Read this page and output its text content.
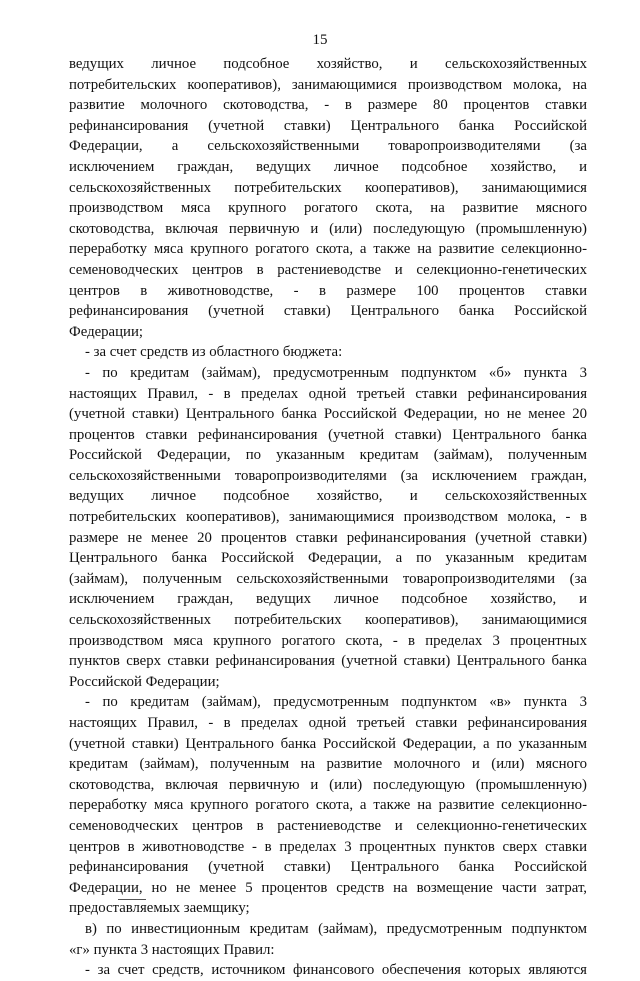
15
ведущих личное подсобное хозяйство, и сельскохозяйственных
потребительских кооперативов), занимающимися производством молока, на
развитие молочного скотоводства, - в размере 80 процентов ставки
рефинансирования (учетной ставки) Центрального банка Российской
Федерации, а сельскохозяйственными товаропроизводителями (за
исключением граждан, ведущих личное подсобное хозяйство, и
сельскохозяйственных потребительских кооперативов), занимающимися
производством мяса крупного рогатого скота, на развитие мясного
скотоводства, включая первичную и (или) последующую (промышленную)
переработку мяса крупного рогатого скота, а также на развитие селекционно-
семеноводческих центров в растениеводстве и селекционно-генетических
центров в животноводстве, - в размере 100 процентов ставки
рефинансирования (учетной ставки) Центрального банка Российской
Федерации;
- за счет средств из областного бюджета:
- по кредитам (займам), предусмотренным подпунктом «б» пункта 3
настоящих Правил, - в пределах одной третьей ставки рефинансирования
(учетной ставки) Центрального банка Российской Федерации, но не менее 20
процентов ставки рефинансирования (учетной ставки) Центрального банка
Российской Федерации, по указанным кредитам (займам), полученным
сельскохозяйственными товаропроизводителями (за исключением граждан,
ведущих личное подсобное хозяйство, и сельскохозяйственных
потребительских кооперативов), занимающимися производством молока, - в
размере не менее 20 процентов ставки рефинансирования (учетной ставки)
Центрального банка Российской Федерации, а по указанным кредитам
(займам), полученным сельскохозяйственными товаропроизводителями (за
исключением граждан, ведущих личное подсобное хозяйство, и
сельскохозяйственных потребительских кооперативов), занимающимися
производством мяса крупного рогатого скота, - в пределах 3 процентных
пунктов сверх ставки рефинансирования (учетной ставки) Центрального банка
Российской Федерации;
- по кредитам (займам), предусмотренным подпунктом «в» пункта 3
настоящих Правил, - в пределах одной третьей ставки рефинансирования
(учетной ставки) Центрального банка Российской Федерации, а по указанным
кредитам (займам), полученным на развитие молочного и (или) мясного
скотоводства, включая первичную и (или) последующую (промышленную)
переработку мяса крупного рогатого скота, а также на развитие селекционно-
семеноводческих центров в растениеводстве и селекционно-генетических
центров в животноводстве - в пределах 3 процентных пунктов сверх ставки
рефинансирования (учетной ставки) Центрального банка Российской
Федерации, но не менее 5 процентов средств на возмещение части затрат,
предоставляемых заемщику;
в) по инвестиционным кредитам (займам), предусмотренным подпунктом
«г» пункта 3 настоящих Правил:
- за счет средств, источником финансового обеспечения которых являются
